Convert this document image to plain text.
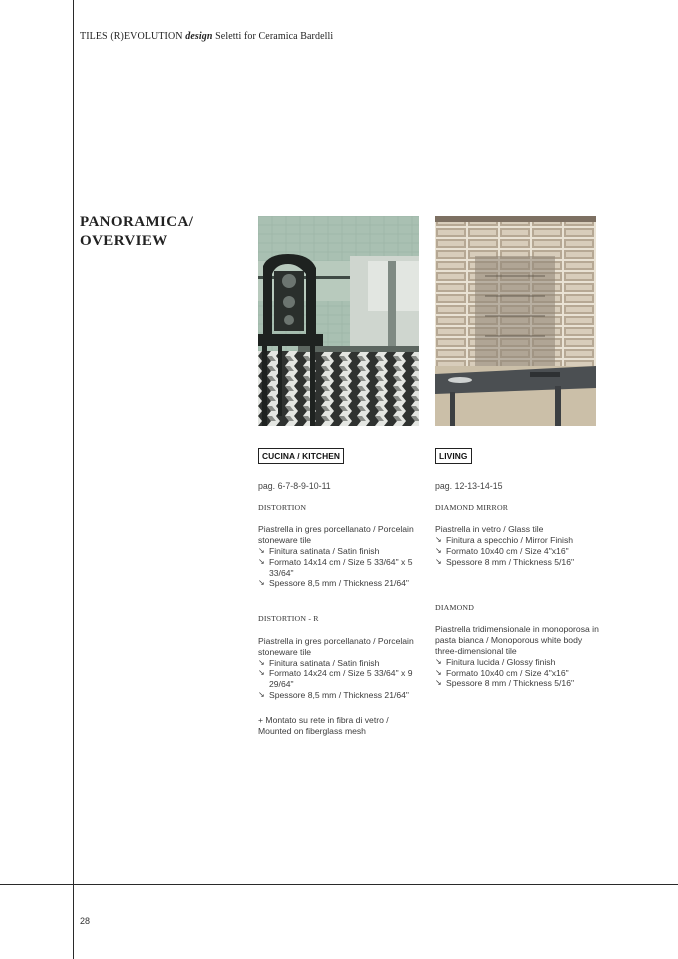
TILES (R)EVOLUTION design Seletti for Ceramica Bardelli
PANORAMICA/
OVERVIEW
CUCINA / KITCHEN
pag. 6-7-8-9-10-11
DISTORTION
Piastrella in gres porcellanato / Porcelain stoneware tile
↘ Finitura satinata / Satin finish
↘ Formato 14x14 cm / Size 5 33/64" x 5 33/64"
↘ Spessore 8,5 mm / Thickness 21/64"
DISTORTION - R
Piastrella in gres porcellanato / Porcelain stoneware tile
↘ Finitura satinata / Satin finish
↘ Formato 14x24 cm / Size 5 33/64" x 9 29/64"
↘ Spessore 8,5 mm / Thickness 21/64"
+ Montato su rete in fibra di vetro / Mounted on fiberglass mesh
LIVING
pag. 12-13-14-15
DIAMOND MIRROR
Piastrella in vetro / Glass tile
↘ Finitura a specchio / Mirror Finish
↘ Formato 10x40 cm / Size 4"x16"
↘ Spessore 8 mm / Thickness 5/16"
DIAMOND
Piastrella tridimensionale in monoporosa in pasta bianca / Monoporous white body three-dimensional tile
↘ Finitura lucida / Glossy finish
↘ Formato 10x40 cm / Size 4"x16"
↘ Spessore 8 mm / Thickness 5/16"
28
